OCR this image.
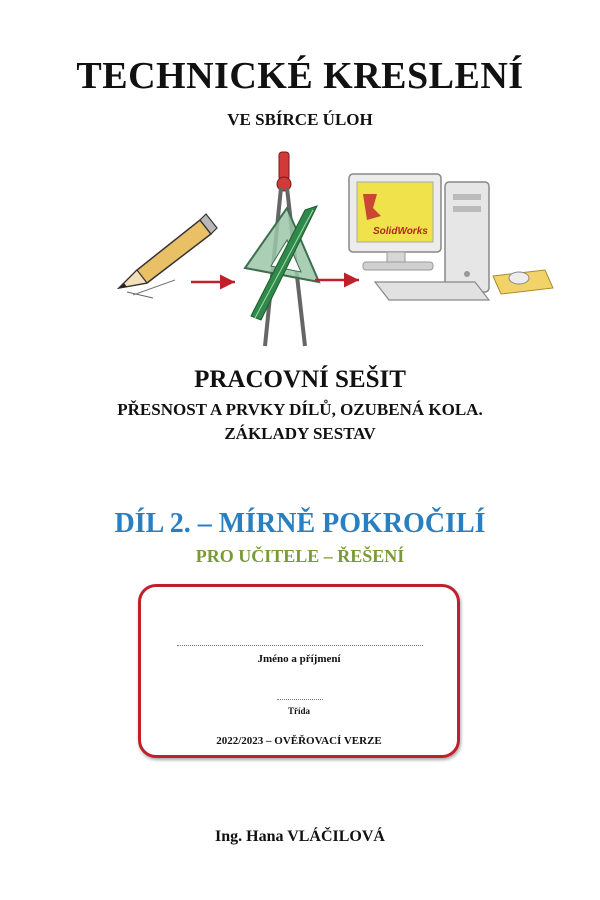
TECHNICKÉ KRESLENÍ
VE SBÍRCE ÚLOH
SolidWorks
PRACOVNÍ SEŠIT
PŘESNOST A PRVKY DÍLŮ, OZUBENÁ KOLA.
ZÁKLADY SESTAV
DÍL 2. – MÍRNĚ POKROČILÍ
PRO UČITELE – ŘEŠENÍ
Jméno a příjmení
Třída
2022/2023 – OVĚŘOVACÍ VERZE
Ing. Hana VLÁČILOVÁ
